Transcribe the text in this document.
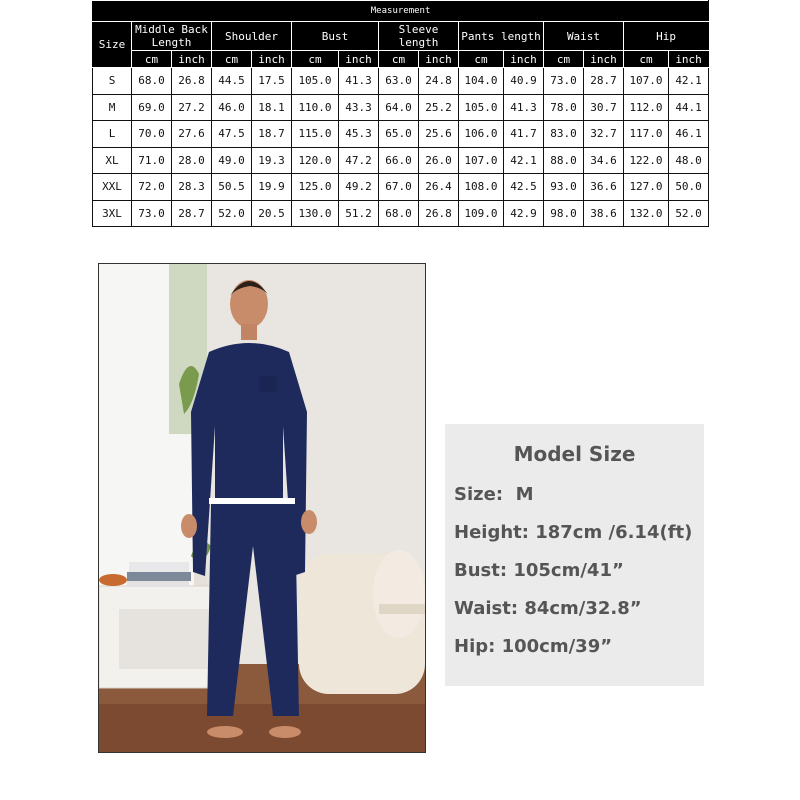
Measurement														
Size	Middle Back Length		Shoulder		Bust		Sleeve length		Pants length		Waist		Hip	
	cm	inch	cm	inch	cm	inch	cm	inch	cm	inch	cm	inch	cm	inch
S	68.0	26.8	44.5	17.5	105.0	41.3	63.0	24.8	104.0	40.9	73.0	28.7	107.0	42.1
M	69.0	27.2	46.0	18.1	110.0	43.3	64.0	25.2	105.0	41.3	78.0	30.7	112.0	44.1
L	70.0	27.6	47.5	18.7	115.0	45.3	65.0	25.6	106.0	41.7	83.0	32.7	117.0	46.1
XL	71.0	28.0	49.0	19.3	120.0	47.2	66.0	26.0	107.0	42.1	88.0	34.6	122.0	48.0
XXL	72.0	28.3	50.5	19.9	125.0	49.2	67.0	26.4	108.0	42.5	93.0	36.6	127.0	50.0
3XL	73.0	28.7	52.0	20.5	130.0	51.2	68.0	26.8	109.0	42.9	98.0	38.6	132.0	52.0
Model Size
Size: M
Height: 187cm /6.14(ft)
Bust: 105cm/41”
Waist: 84cm/32.8”
Hip: 100cm/39”
